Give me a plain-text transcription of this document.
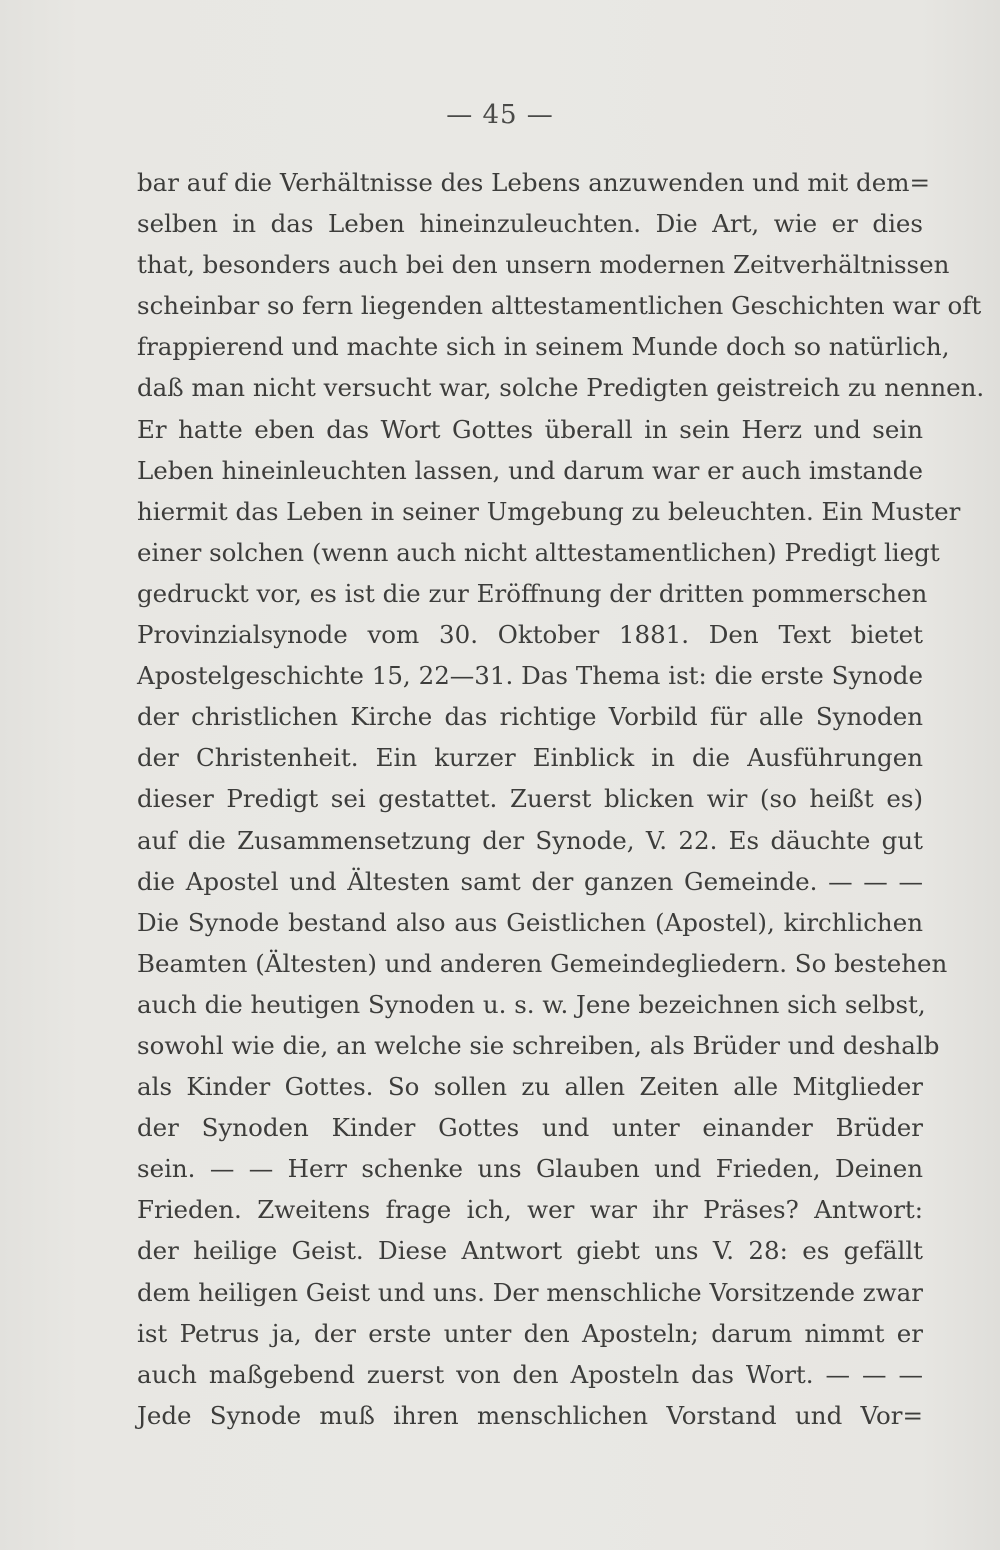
— 45 —
bar auf die Verhältnisse des Lebens anzuwenden und mit dem=
selben in das Leben hineinzuleuchten. Die Art, wie er dies
that, besonders auch bei den unsern modernen Zeitverhältnissen
scheinbar so fern liegenden alttestamentlichen Geschichten war oft
frappierend und machte sich in seinem Munde doch so natürlich,
daß man nicht versucht war, solche Predigten geistreich zu nennen.
Er hatte eben das Wort Gottes überall in sein Herz und sein
Leben hineinleuchten lassen, und darum war er auch imstande
hiermit das Leben in seiner Umgebung zu beleuchten. Ein Muster
einer solchen (wenn auch nicht alttestamentlichen) Predigt liegt
gedruckt vor, es ist die zur Eröffnung der dritten pommerschen
Provinzialsynode vom 30. Oktober 1881. Den Text bietet
Apostelgeschichte 15, 22—31. Das Thema ist: die erste Synode
der christlichen Kirche das richtige Vorbild für alle Synoden
der Christenheit. Ein kurzer Einblick in die Ausführungen
dieser Predigt sei gestattet. Zuerst blicken wir (so heißt es)
auf die Zusammensetzung der Synode, V. 22. Es däuchte gut
die Apostel und Ältesten samt der ganzen Gemeinde. — — —
Die Synode bestand also aus Geistlichen (Apostel), kirchlichen
Beamten (Ältesten) und anderen Gemeindegliedern. So bestehen
auch die heutigen Synoden u. s. w. Jene bezeichnen sich selbst,
sowohl wie die, an welche sie schreiben, als Brüder und deshalb
als Kinder Gottes. So sollen zu allen Zeiten alle Mitglieder
der Synoden Kinder Gottes und unter einander Brüder
sein. — — Herr schenke uns Glauben und Frieden, Deinen
Frieden. Zweitens frage ich, wer war ihr Präses? Antwort:
der heilige Geist. Diese Antwort giebt uns V. 28: es gefällt
dem heiligen Geist und uns. Der menschliche Vorsitzende zwar
ist Petrus ja, der erste unter den Aposteln; darum nimmt er
auch maßgebend zuerst von den Aposteln das Wort. — — —
Jede Synode muß ihren menschlichen Vorstand und Vor=
